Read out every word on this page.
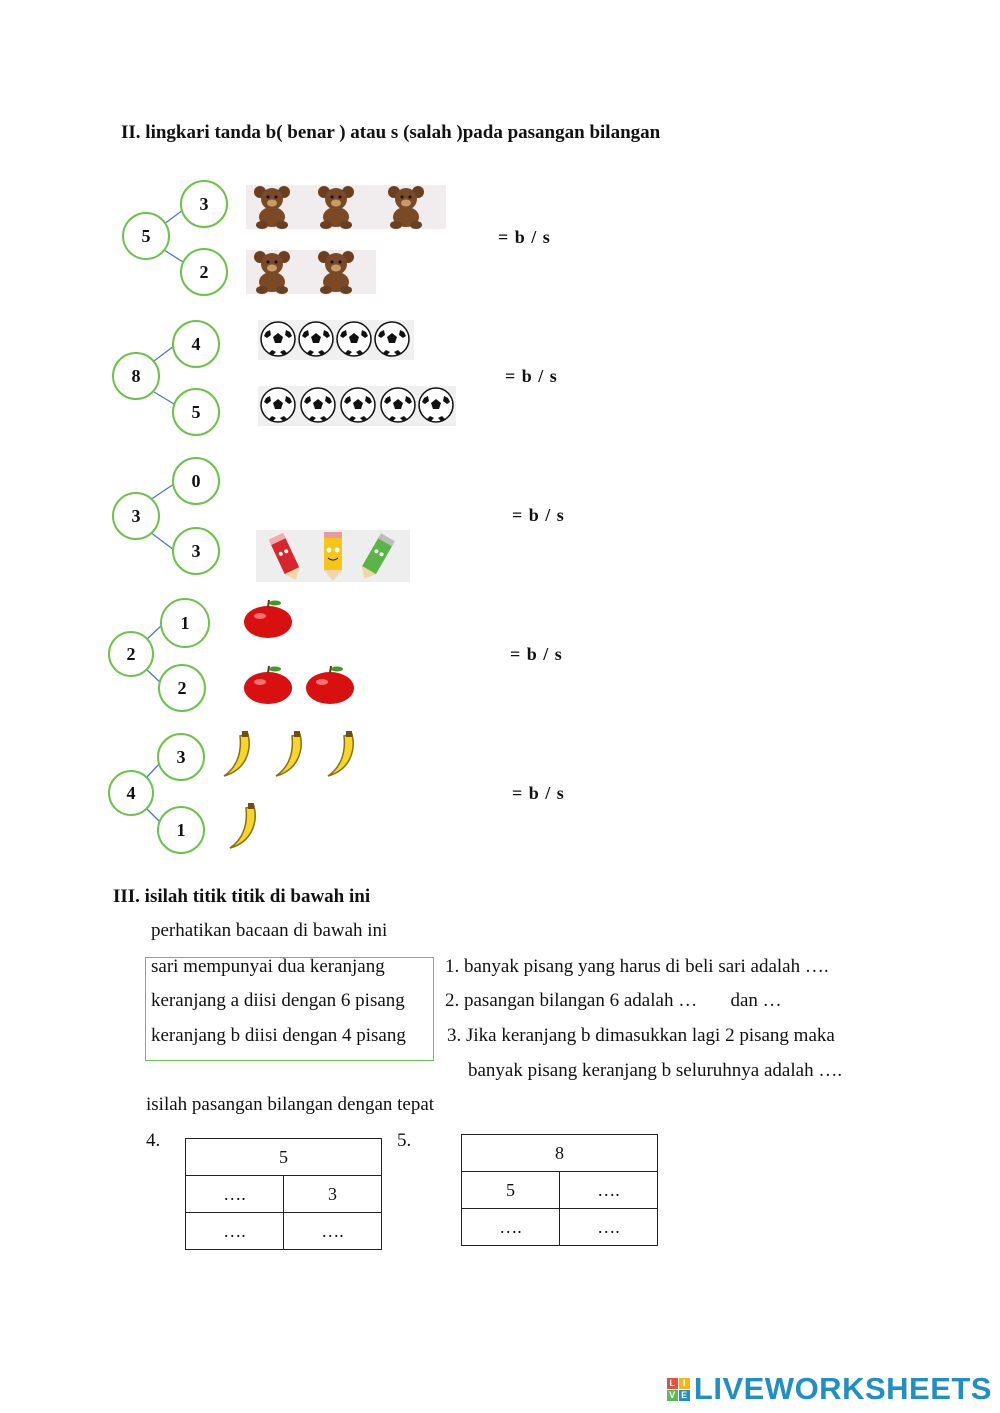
II. lingkari tanda b( benar ) atau s (salah )pada pasangan bilangan
5
3
2
= b / s
8
4
5
= b / s
3
0
3
= b / s
2
1
2
= b / s
4
3
1
= b / s
III. isilah titik titik di bawah ini
perhatikan bacaan di bawah ini
sari mempunyai dua keranjang
keranjang a diisi dengan 6 pisang
keranjang b diisi dengan 4 pisang
1. banyak pisang yang harus di beli sari adalah ….
2. pasangan bilangan 6 adalah …       dan …
3. Jika keranjang b dimasukkan lagi 2 pisang maka
banyak pisang keranjang b seluruhnya adalah ….
isilah pasangan bilangan dengan tepat
4.
5	
….	3
….	….
5.
8	
5	….
….	….
L I
V E LIVEWORKSHEETS
